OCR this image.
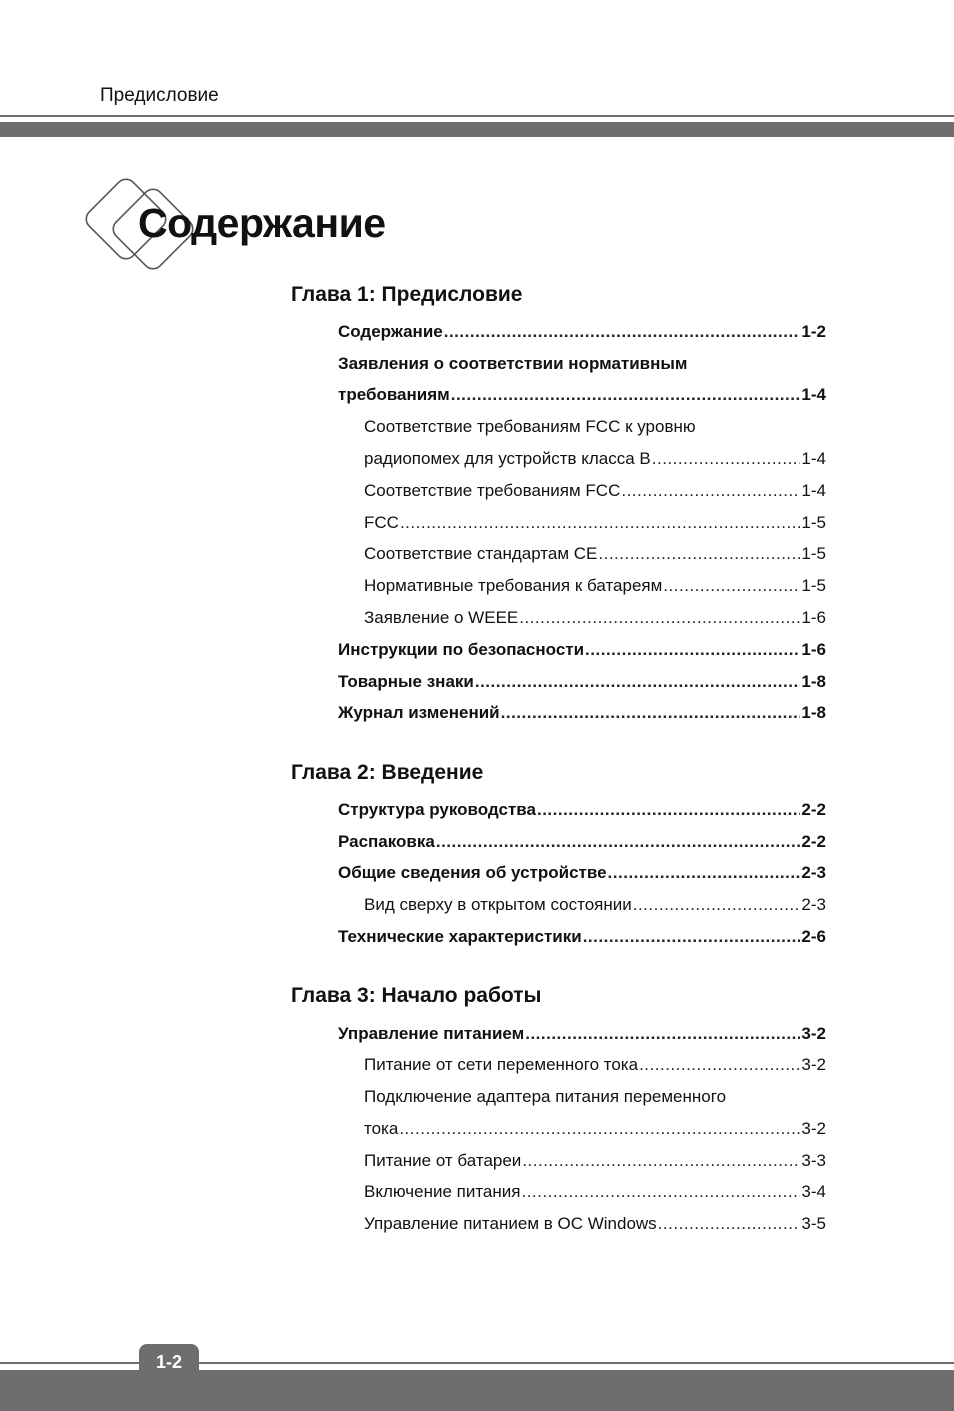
Предисловие
Содержание
Глава 1: Предисловие
Содержание .....	1-2
Заявления о соответствии нормативным
требованиям .....	1-4
Соответствие требованиям FCC к уровню
радиопомех для устройств класса B .....	1-4
Соответствие требованиям FCC .....	1-4
FCC .....	1-5
Соответствие стандартам CE .....	1-5
Нормативные требования к батареям .....	1-5
Заявление о WEEE .....	1-6
Инструкции по безопасности .....	1-6
Товарные знаки .....	1-8
Журнал изменений .....	1-8
Глава 2: Введение
Структура руководства .....	2-2
Распаковка .....	2-2
Общие сведения об устройстве .....	2-3
Вид сверху в открытом состоянии .....	2-3
Технические характеристики .....	2-6
Глава 3: Начало работы
Управление питанием .....	3-2
Питание от сети переменного тока .....	3-2
Подключение адаптера питания переменного
тока .....	3-2
Питание от батареи .....	3-3
Включение питания .....	3-4
Управление питанием в ОС Windows .....	3-5
1-2
